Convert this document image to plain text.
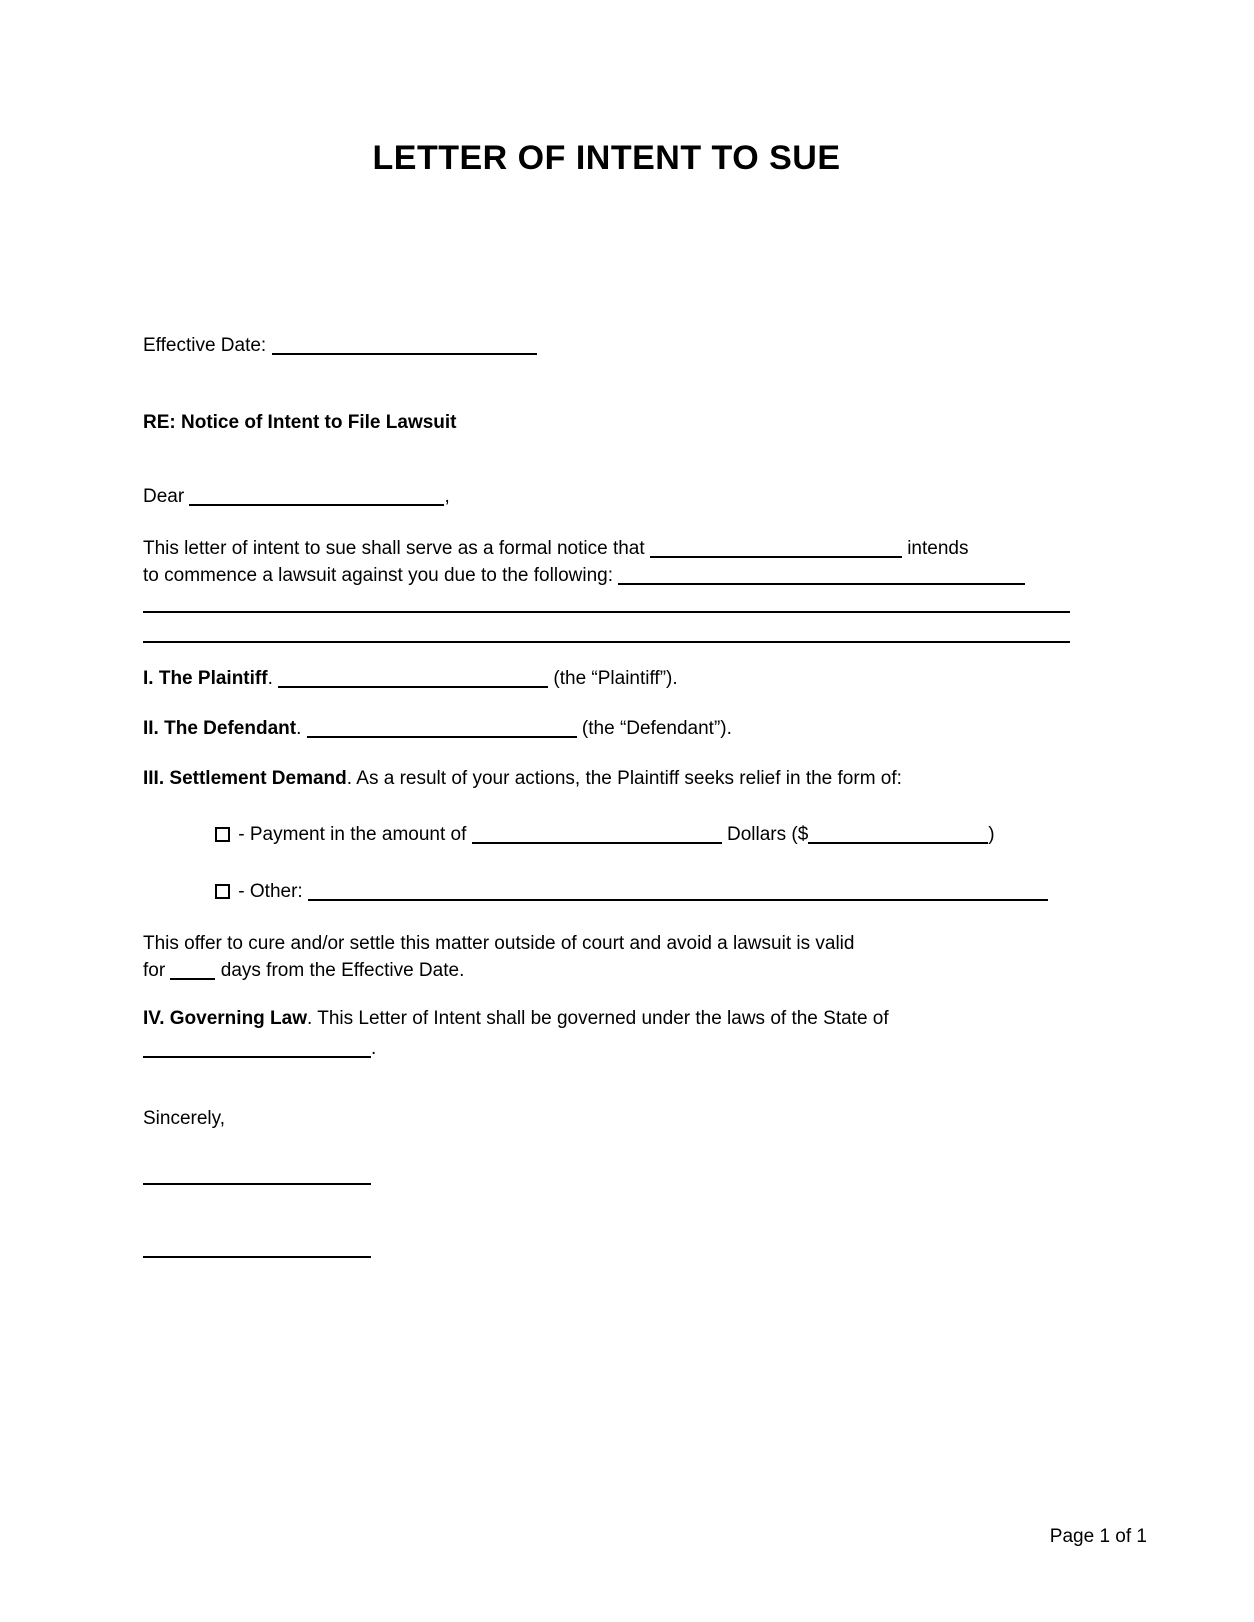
LETTER OF INTENT TO SUE
Effective Date:
RE: Notice of Intent to File Lawsuit
Dear	,
This letter of intent to sue shall serve as a formal notice that	intends
to commence a lawsuit against you due to the following:
I. The Plaintiff.	(the “Plaintiff”).
II. The Defendant.	(the “Defendant”).
III. Settlement Demand. As a result of your actions, the Plaintiff seeks relief in the form of:
- Payment in the amount of	Dollars ($	)
- Other:
This offer to cure and/or settle this matter outside of court and avoid a lawsuit is valid
for	days from the Effective Date.
IV. Governing Law. This Letter of Intent shall be governed under the laws of the State of
.
Sincerely,
Page 1 of 1
